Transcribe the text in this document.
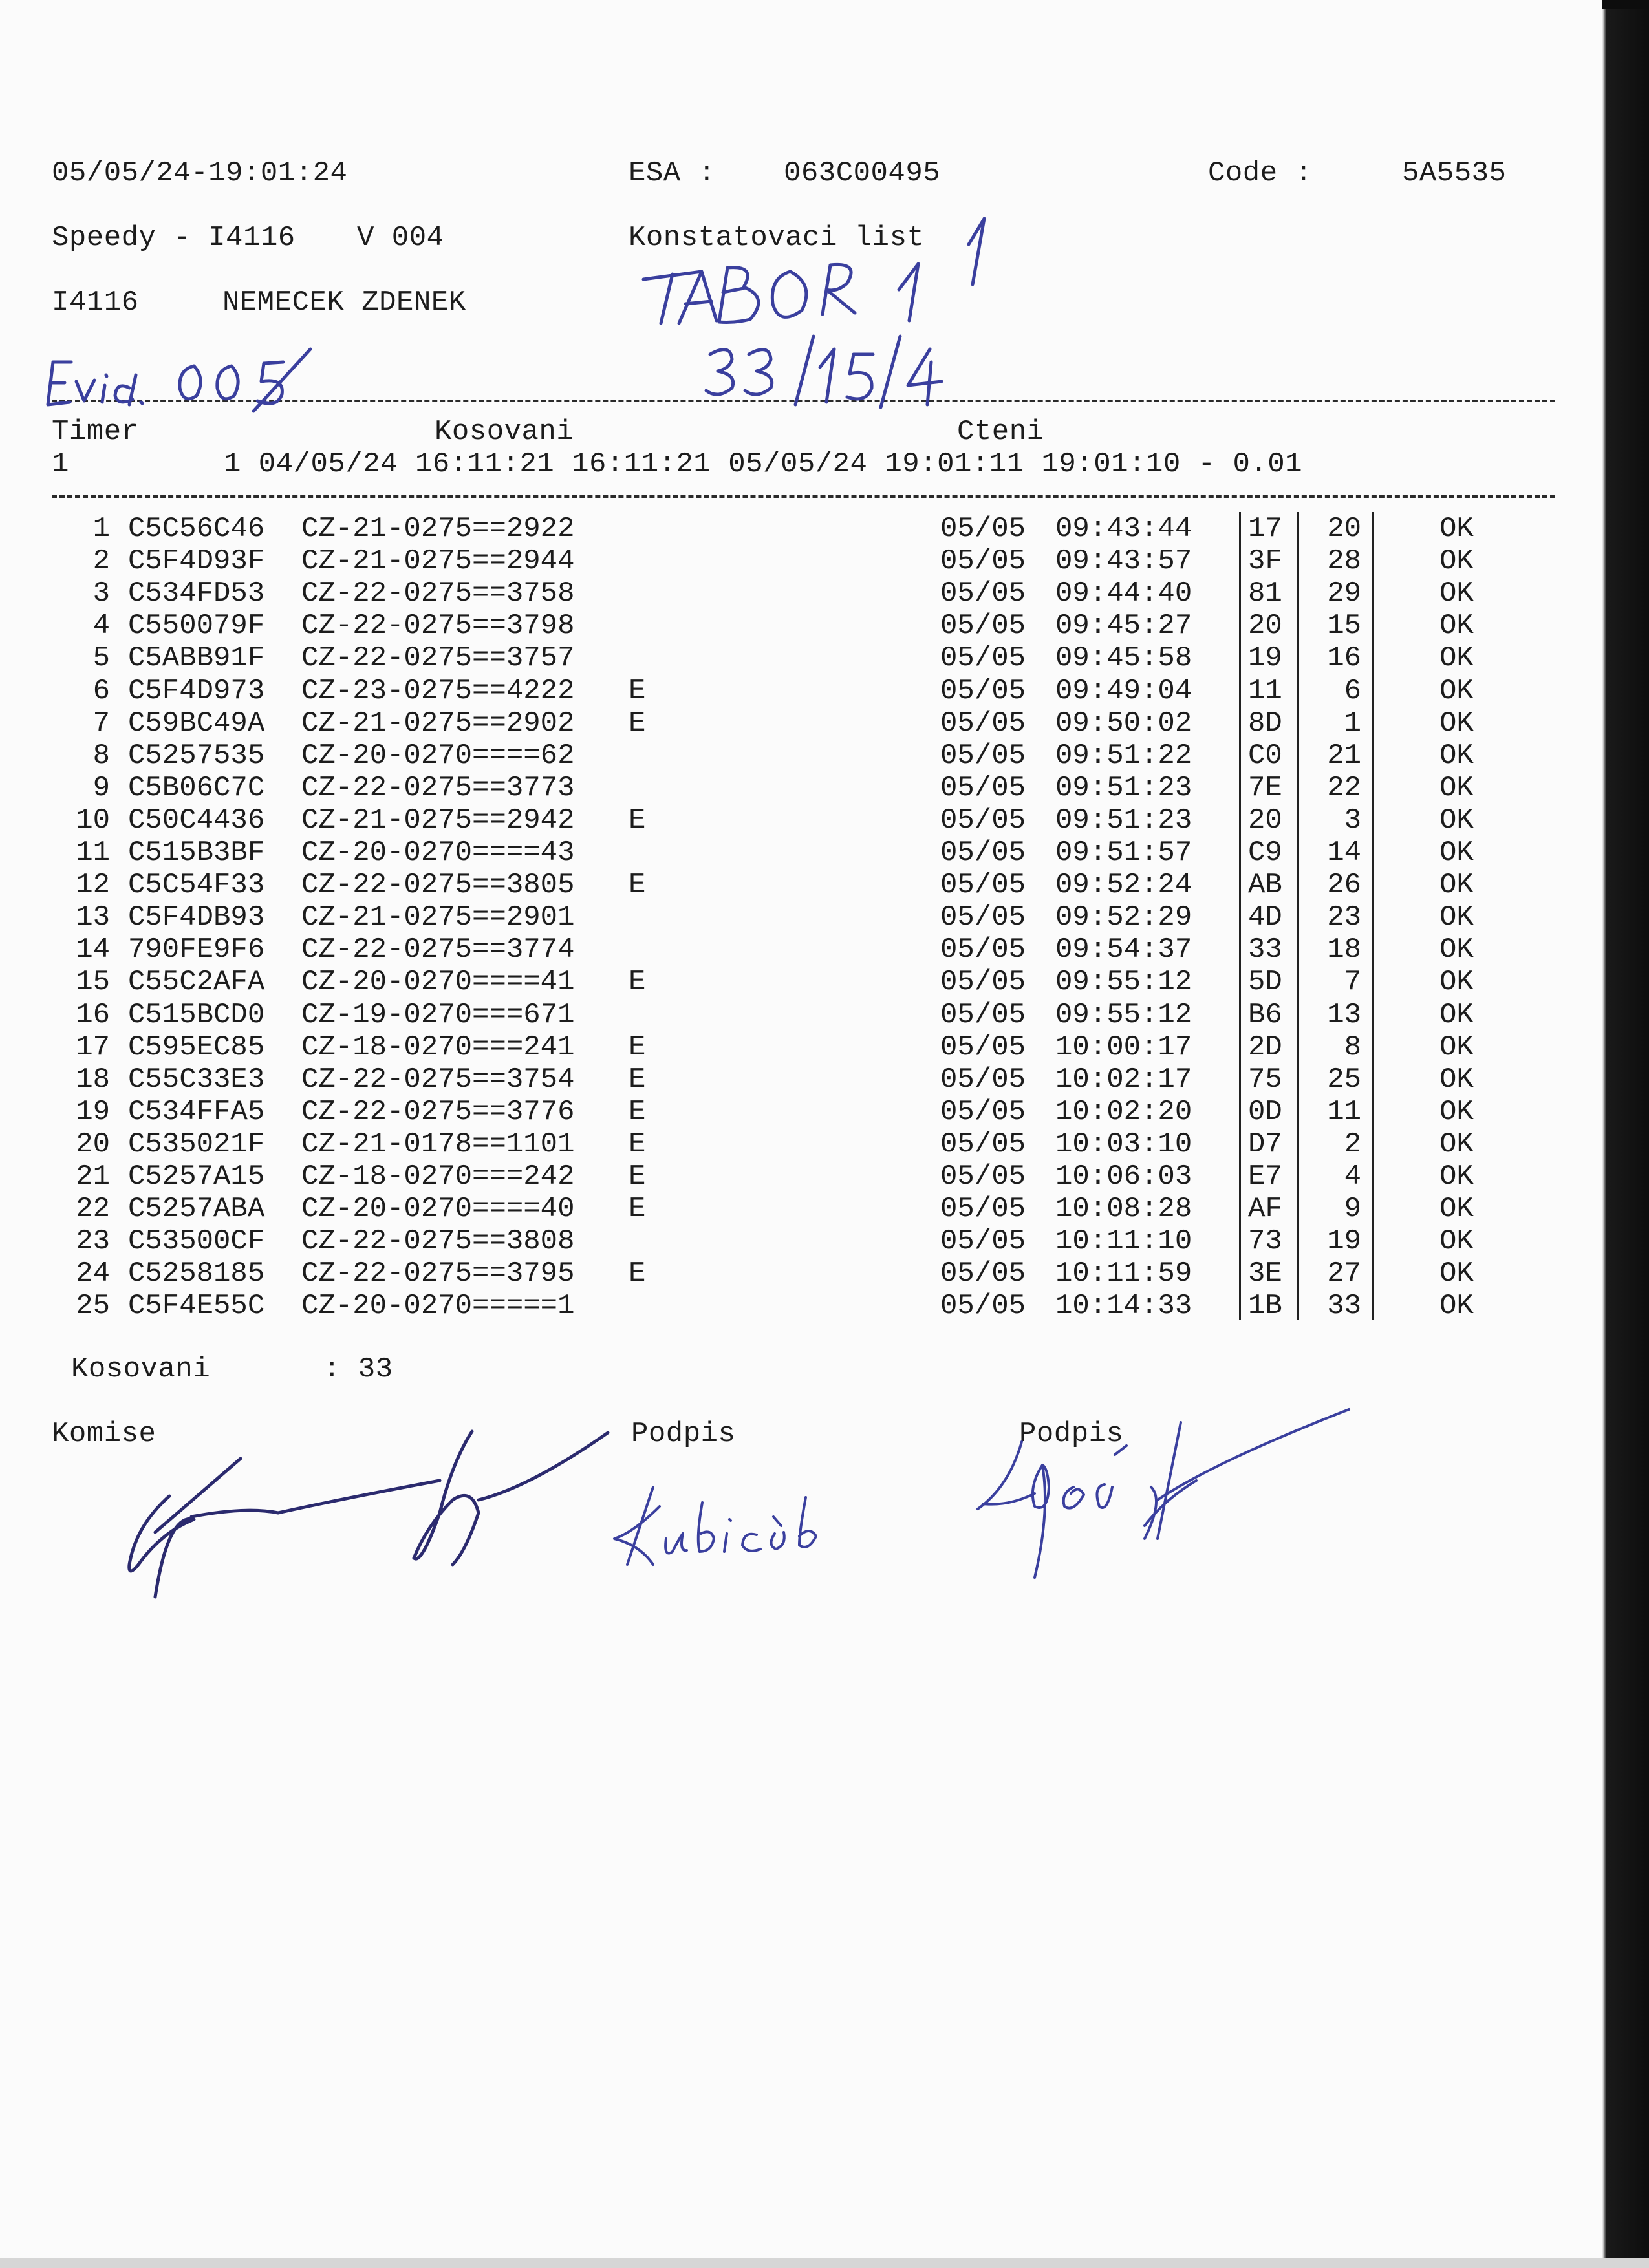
05/05/24-19:01:24	ESA : 063C00495	Code :	5A5535
Speedy - I4116 V 004	Konstatovaci list
I4116	NEMECEK ZDENEK
Timer	Kosovani	Cteni
1	1 04/05/24 16:11:21 16:11:21 05/05/24 19:01:11 19:01:10 - 0.01
1 C5C56C46 CZ-21-0275==2922	05/05 09:43:44 17	20	OK
2 C5F4D93F CZ-21-0275==2944	05/05 09:43:57 3F	28	OK
3 C534FD53 CZ-22-0275==3758	05/05 09:44:40 81	29	OK
4 C550079F CZ-22-0275==3798	05/05 09:45:27 20	15	OK
5 C5ABB91F CZ-22-0275==3757	05/05 09:45:58 19	16	OK
6 C5F4D973 CZ-23-0275==4222 E	05/05 09:49:04 11	6	OK
7 C59BC49A CZ-21-0275==2902 E	05/05 09:50:02 8D	1	OK
8 C5257535 CZ-20-0270====62	05/05 09:51:22 C0	21	OK
9 C5B06C7C CZ-22-0275==3773	05/05 09:51:23 7E	22	OK
10 C50C4436 CZ-21-0275==2942 E	05/05 09:51:23 20	3	OK
11 C515B3BF CZ-20-0270====43	05/05 09:51:57 C9	14	OK
12 C5C54F33 CZ-22-0275==3805 E	05/05 09:52:24 AB	26	OK
13 C5F4DB93 CZ-21-0275==2901	05/05 09:52:29 4D	23	OK
14 790FE9F6 CZ-22-0275==3774	05/05 09:54:37 33	18	OK
15 C55C2AFA CZ-20-0270====41 E	05/05 09:55:12 5D	7	OK
16 C515BCD0 CZ-19-0270===671	05/05 09:55:12 B6	13	OK
17 C595EC85 CZ-18-0270===241 E	05/05 10:00:17 2D	8	OK
18 C55C33E3 CZ-22-0275==3754 E	05/05 10:02:17 75	25	OK
19 C534FFA5 CZ-22-0275==3776 E	05/05 10:02:20 0D	11	OK
20 C535021F CZ-21-0178==1101 E	05/05 10:03:10 D7	2	OK
21 C5257A15 CZ-18-0270===242 E	05/05 10:06:03 E7	4	OK
22 C5257ABA CZ-20-0270====40 E	05/05 10:08:28 AF	9	OK
23 C53500CF CZ-22-0275==3808	05/05 10:11:10 73	19	OK
24 C5258185 CZ-22-0275==3795 E	05/05 10:11:59 3E	27	OK
25 C5F4E55C CZ-20-0270=====1	05/05 10:14:33 1B	33	OK
Kosovani	: 33
Komise	Podpis	Podpis
